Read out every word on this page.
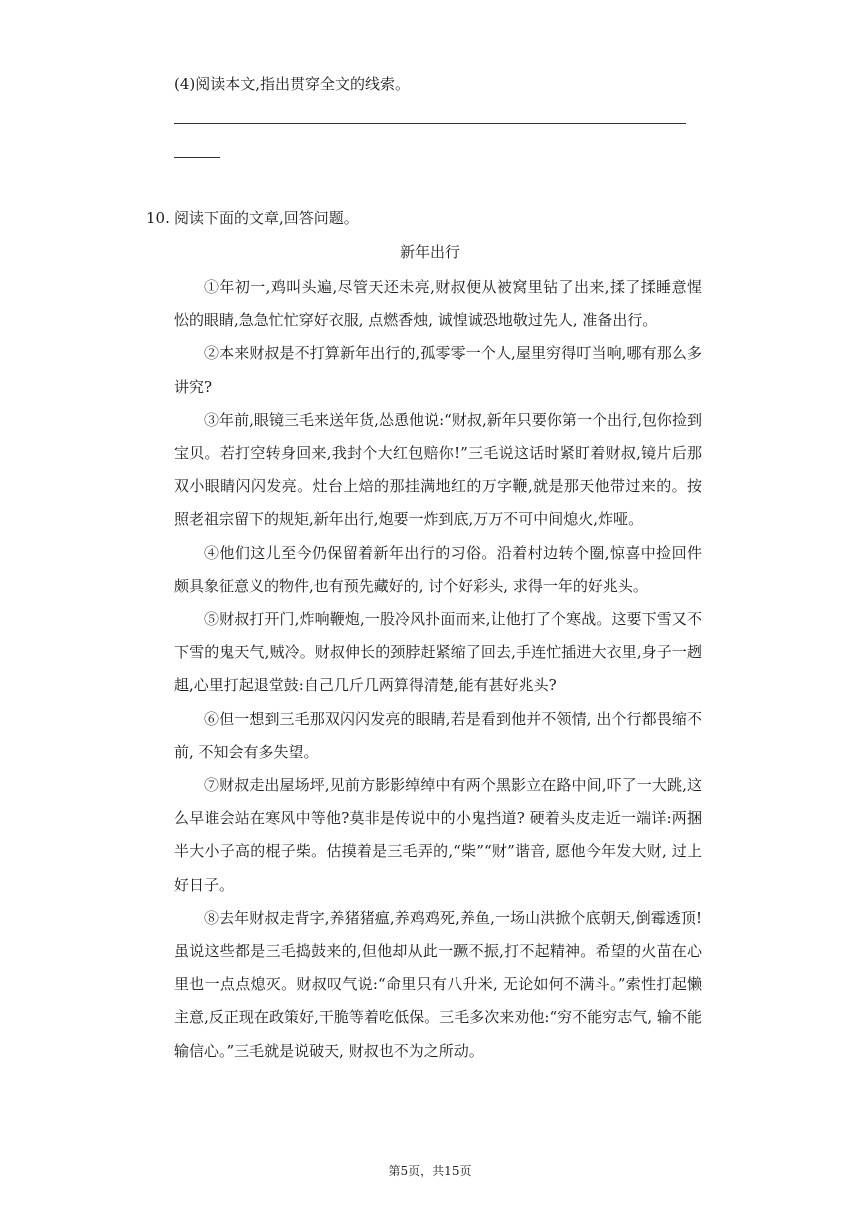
(4)阅读本文,指出贯穿全文的线索。
10. 阅读下面的文章,回答问题。
新年出行

①年初一,鸡叫头遍,尽管天还未亮,财叔便从被窝里钻了出来,揉了揉睡意惺忪的眼睛,急急忙忙穿好衣服, 点燃香烛, 诚惶诚恐地敬过先人, 准备出行。

②本来财叔是不打算新年出行的,孤零零一个人,屋里穷得叮当响,哪有那么多讲究?

③年前,眼镜三毛来送年货,怂恿他说:“财叔,新年只要你第一个出行,包你捡到宝贝。若打空转身回来,我封个大红包赔你!”三毛说这话时紧盯着财叔,镜片后那双小眼睛闪闪发亮。灶台上焙的那挂满地红的万字鞭,就是那天他带过来的。按照老祖宗留下的规矩,新年出行,炮要一炸到底,万万不可中间熄火,炸哑。

④他们这儿至今仍保留着新年出行的习俗。沿着村边转个圈,惊喜中捡回件颇具象征意义的物件,也有预先藏好的, 讨个好彩头, 求得一年的好兆头。

⑤财叔打开门,炸响鞭炮,一股冷风扑面而来,让他打了个寒战。这要下雪又不下雪的鬼天气,贼冷。财叔伸长的颈脖赶紧缩了回去,手连忙插进大衣里,身子一趔趄,心里打起退堂鼓:自己几斤几两算得清楚,能有甚好兆头?

⑥但一想到三毛那双闪闪发亮的眼睛,若是看到他并不领情, 出个行都畏缩不前, 不知会有多失望。

⑦财叔走出屋场坪,见前方影影绰绰中有两个黑影立在路中间,吓了一大跳,这么早谁会站在寒风中等他?莫非是传说中的小鬼挡道? 硬着头皮走近一端详:两捆半大小子高的棍子柴。估摸着是三毛弄的,“柴”“财”谐音, 愿他今年发大财, 过上好日子。

⑧去年财叔走背字,养猪猪瘟,养鸡鸡死,养鱼,一场山洪掀个底朝天,倒霉透顶!虽说这些都是三毛捣鼓来的,但他却从此一蹶不振,打不起精神。希望的火苗在心里也一点点熄灭。财叔叹气说:“命里只有八升米, 无论如何不满斗。”索性打起懒主意,反正现在政策好,干脆等着吃低保。三毛多次来劝他:“穷不能穷志气, 输不能输信心。”三毛就是说破天, 财叔也不为之所动。

第5页，共15页
